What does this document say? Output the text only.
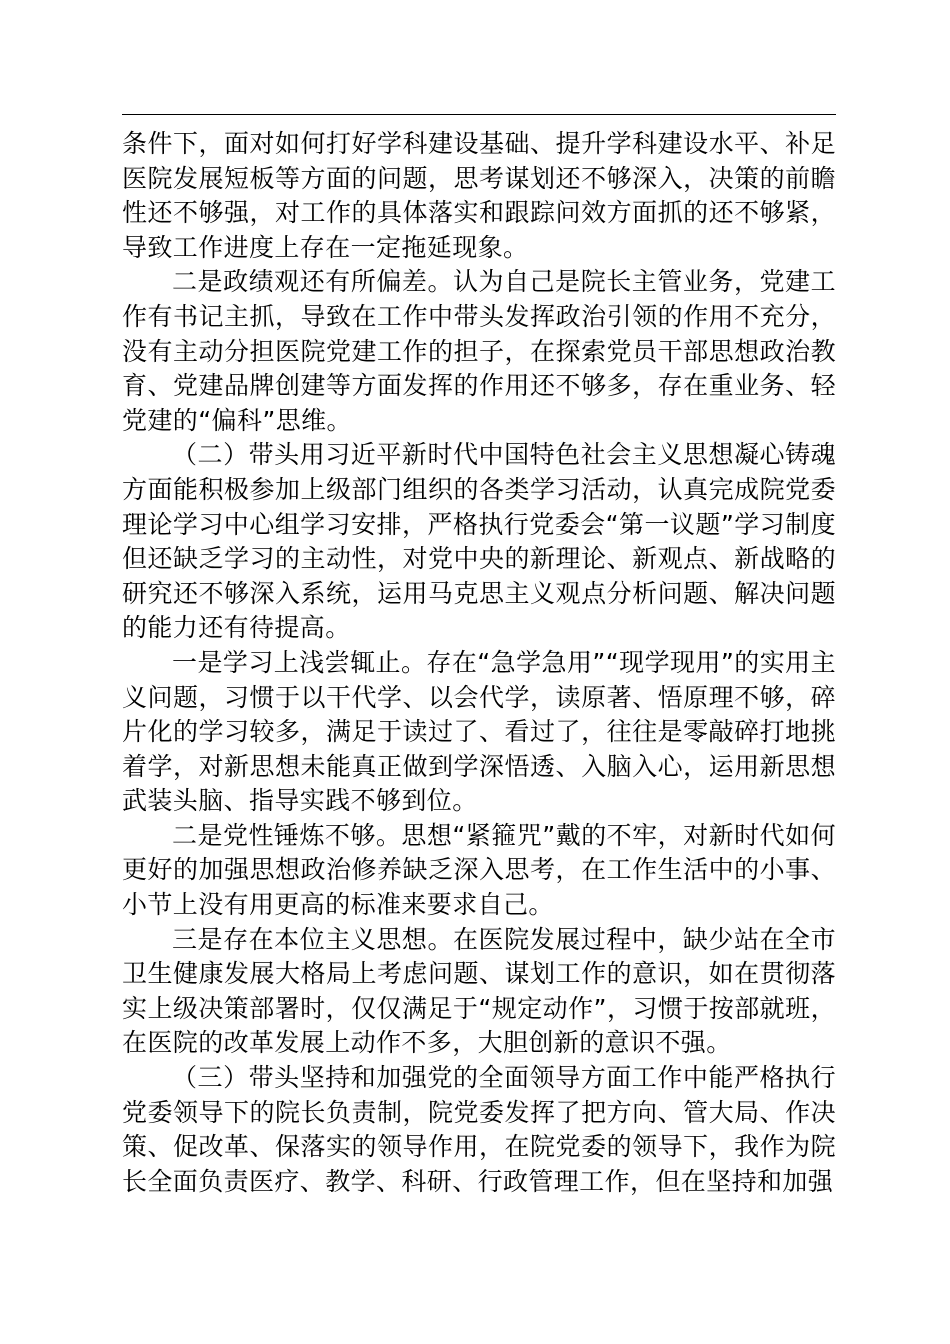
条件下，面对如何打好学科建设基础、提升学科建设水平、补足医院发展短板等方面的问题，思考谋划还不够深入，决策的前瞻性还不够强，对工作的具体落实和跟踪问效方面抓的还不够紧，导致工作进度上存在一定拖延现象。

二是政绩观还有所偏差。认为自己是院长主管业务，党建工作有书记主抓，导致在工作中带头发挥政治引领的作用不充分，没有主动分担医院党建工作的担子，在探索党员干部思想政治教育、党建品牌创建等方面发挥的作用还不够多，存在重业务、轻党建的“偏科”思维。

（二）带头用习近平新时代中国特色社会主义思想凝心铸魂方面能积极参加上级部门组织的各类学习活动，认真完成院党委理论学习中心组学习安排，严格执行党委会“第一议题”学习制度但还缺乏学习的主动性，对党中央的新理论、新观点、新战略的研究还不够深入系统，运用马克思主义观点分析问题、解决问题的能力还有待提高。

一是学习上浅尝辄止。存在“急学急用”“现学现用”的实用主义问题，习惯于以干代学、以会代学，读原著、悟原理不够，碎片化的学习较多，满足于读过了、看过了，往往是零敲碎打地挑着学，对新思想未能真正做到学深悟透、入脑入心，运用新思想武装头脑、指导实践不够到位。

二是党性锤炼不够。思想“紧箍咒”戴的不牢，对新时代如何更好的加强思想政治修养缺乏深入思考，在工作生活中的小事、小节上没有用更高的标准来要求自己。

三是存在本位主义思想。在医院发展过程中，缺少站在全市卫生健康发展大格局上考虑问题、谋划工作的意识，如在贯彻落实上级决策部署时，仅仅满足于“规定动作”，习惯于按部就班，在医院的改革发展上动作不多，大胆创新的意识不强。

（三）带头坚持和加强党的全面领导方面工作中能严格执行党委领导下的院长负责制，院党委发挥了把方向、管大局、作决策、促改革、保落实的领导作用，在院党委的领导下，我作为院长全面负责医疗、教学、科研、行政管理工作，但在坚持和加强
